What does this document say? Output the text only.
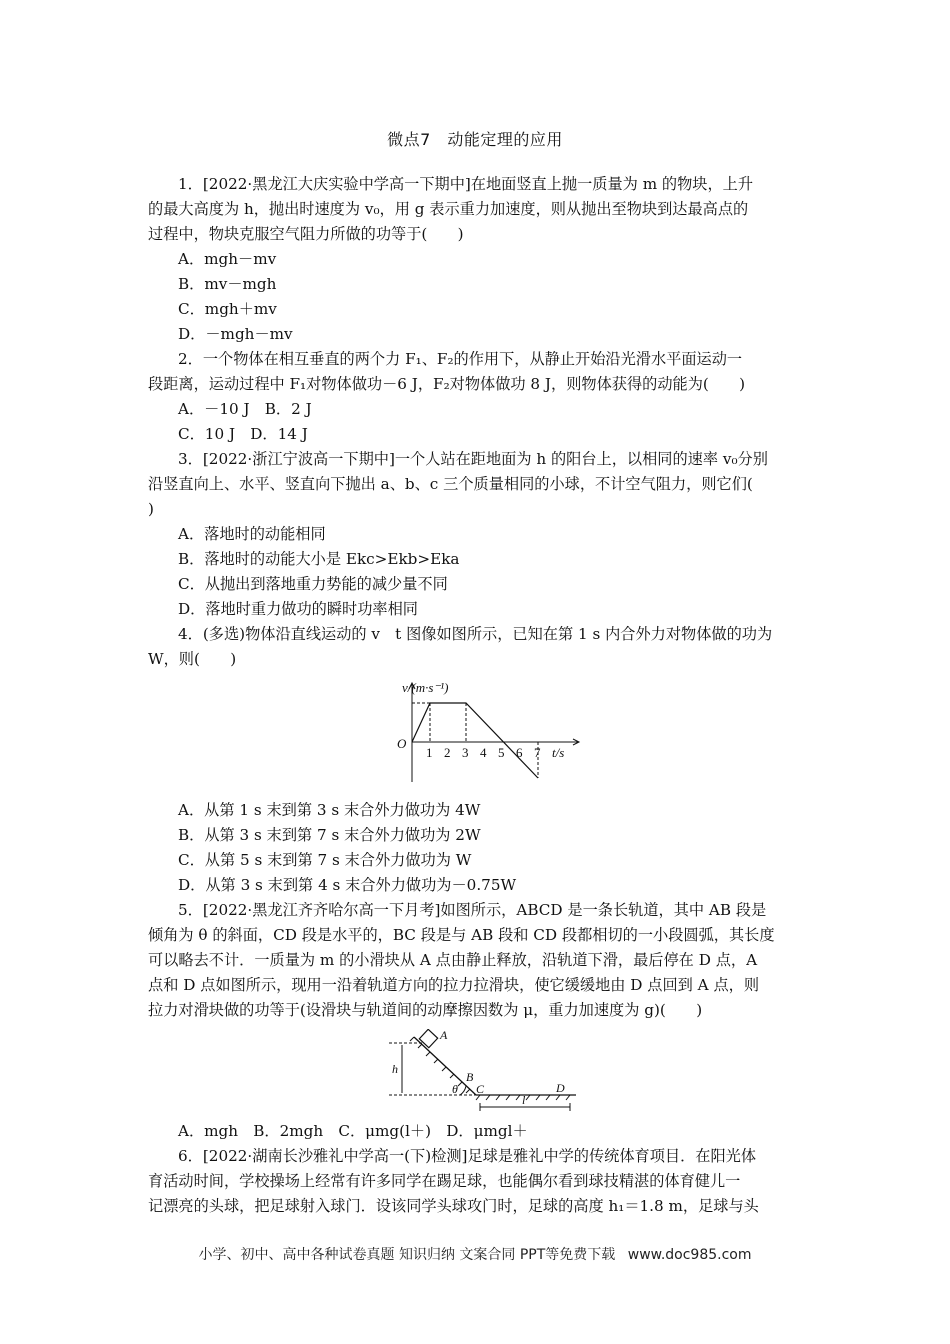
微点7　动能定理的应用

1．[2022·黑龙江大庆实验中学高一下期中]在地面竖直上抛一质量为 m 的物块，上升

的最大高度为 h，抛出时速度为 v₀，用 g 表示重力加速度，则从抛出至物块到达最高点的

过程中，物块克服空气阻力所做的功等于(　　)

A．mgh－mv

B．mv－mgh

C．mgh＋mv

D．－mgh－mv

2．一个物体在相互垂直的两个力 F₁、F₂的作用下，从静止开始沿光滑水平面运动一

段距离，运动过程中 F₁对物体做功－6 J，F₂对物体做功 8 J，则物体获得的动能为(　　)

A．－10 J　B．2 J

C．10 J　D．14 J

3．[2022·浙江宁波高一下期中]一个人站在距地面为 h 的阳台上，以相同的速率 v₀分别

沿竖直向上、水平、竖直向下抛出 a、b、c 三个质量相同的小球，不计空气阻力，则它们(

)

A．落地时的动能相同

B．落地时的动能大小是 Ekc>Ekb>Eka

C．从抛出到落地重力势能的减少量不同

D．落地时重力做功的瞬时功率相同

4．(多选)物体沿直线运动的 v　t 图像如图所示，已知在第 1 s 内合外力对物体做的功为

W，则(　　)

v/(m·s⁻¹)
O
1 2 3 4 5 6 7 t/s

A．从第 1 s 末到第 3 s 末合外力做功为 4W

B．从第 3 s 末到第 7 s 末合外力做功为 2W

C．从第 5 s 末到第 7 s 末合外力做功为 W

D．从第 3 s 末到第 4 s 末合外力做功为－0.75W

5．[2022·黑龙江齐齐哈尔高一下月考]如图所示，ABCD 是一条长轨道，其中 AB 段是

倾角为 θ 的斜面，CD 段是水平的，BC 段是与 AB 段和 CD 段都相切的一小段圆弧，其长度

可以略去不计．一质量为 m 的小滑块从 A 点由静止释放，沿轨道下滑，最后停在 D 点，A

点和 D 点如图所示，现用一沿着轨道方向的拉力拉滑块，使它缓缓地由 D 点回到 A 点，则

拉力对滑块做的功等于(设滑块与轨道间的动摩擦因数为 μ，重力加速度为 g)(　　)

A
B
C	D
h
θ
l

A．mgh　B．2mgh　C．μmg(l＋)　D．μmgl＋

6．[2022·湖南长沙雅礼中学高一(下)检测]足球是雅礼中学的传统体育项目．在阳光体

育活动时间，学校操场上经常有许多同学在踢足球，也能偶尔看到球技精湛的体育健儿一

记漂亮的头球，把足球射入球门．设该同学头球攻门时，足球的高度 h₁＝1.8 m，足球与头

小学、初中、高中各种试卷真题 知识归纳 文案合同 PPT等免费下载 www.doc985.com
